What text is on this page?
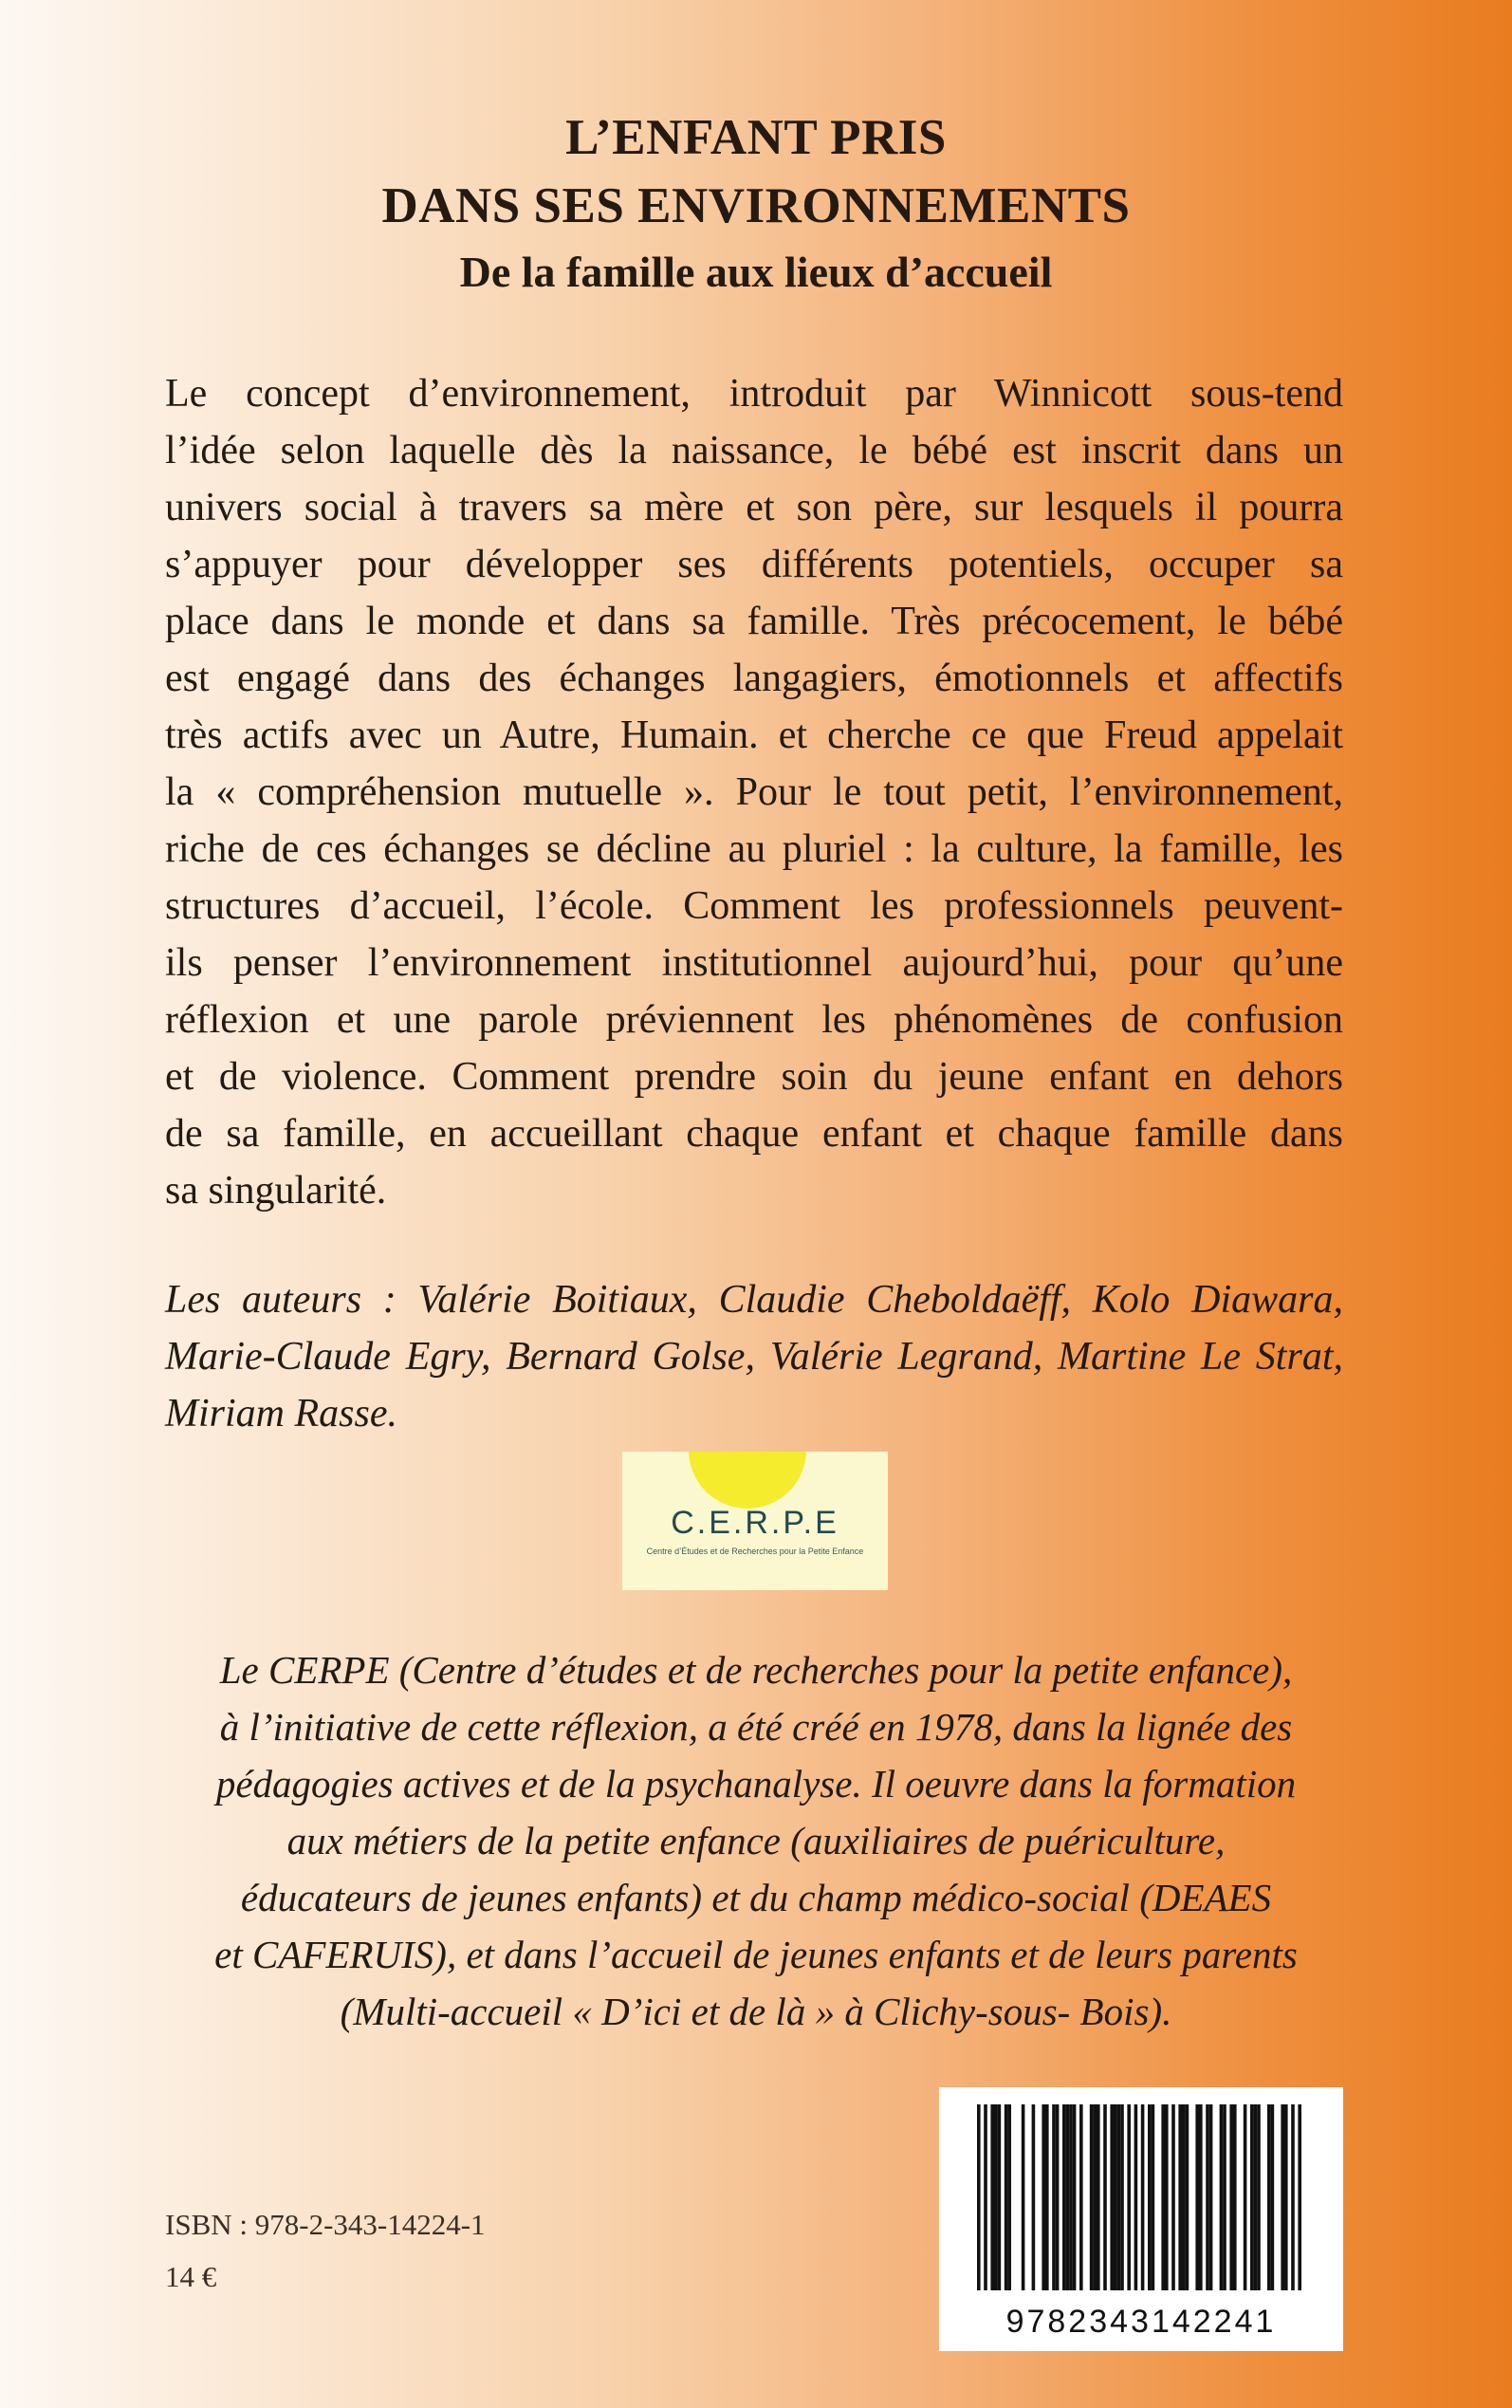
L’ENFANT PRIS
DANS SES ENVIRONNEMENTS
De la famille aux lieux d’accueil
Le concept d’environnement, introduit par Winnicott sous-tend
l’idée selon laquelle dès la naissance, le bébé est inscrit dans un
univers social à travers sa mère et son père, sur lesquels il pourra
s’appuyer pour développer ses différents potentiels, occuper sa
place dans le monde et dans sa famille. Très précocement, le bébé
est engagé dans des échanges langagiers, émotionnels et affectifs
très actifs avec un Autre, Humain. et cherche ce que Freud appelait
la « compréhension mutuelle ». Pour le tout petit, l’environnement,
riche de ces échanges se décline au pluriel : la culture, la famille, les
structures d’accueil, l’école. Comment les professionnels peuvent-
ils penser l’environnement institutionnel aujourd’hui, pour qu’une
réflexion et une parole préviennent les phénomènes de confusion
et de violence. Comment prendre soin du jeune enfant en dehors
de sa famille, en accueillant chaque enfant et chaque famille dans
sa singularité.
Les auteurs : Valérie Boitiaux, Claudie Cheboldaëff, Kolo Diawara,
Marie-Claude Egry, Bernard Golse, Valérie Legrand, Martine Le Strat,
Miriam Rasse.
C.E.R.P.E
Centre d’Études et de Recherches pour la Petite Enfance
Le CERPE (Centre d’études et de recherches pour la petite enfance),
à l’initiative de cette réflexion, a été créé en 1978, dans la lignée des
pédagogies actives et de la psychanalyse. Il oeuvre dans la formation
aux métiers de la petite enfance (auxiliaires de puériculture,
éducateurs de jeunes enfants) et du champ médico-social (DEAES
et CAFERUIS), et dans l’accueil de jeunes enfants et de leurs parents
(Multi-accueil « D’ici et de là » à Clichy-sous- Bois).
ISBN : 978-2-343-14224-1
14 €
9782343142241
